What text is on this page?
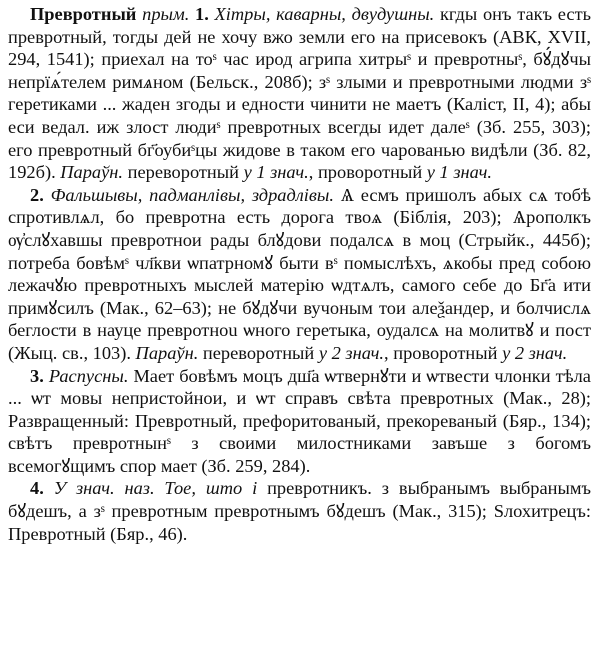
Превротный прым. 1. Хітры, каварны, двудушны. кгды онъ такъ есть превротный, тогды дей не хочу вжо земли его на присевокъ (АВК, XVII, 294, 1541); приехал на тоˢ час ирод агрипа хитрыˢ и превротныˢ, бꙋ́дꙋчы непрїѧ́телем римѧном (Бельск., 208б); зˢ злыми и превротными людми зˢ геретиками ... жаден згоды и едности чинити не маетъ (Каліст, II, 4); абы еси ведал. иж злост людиˢ превротных всегды идет далеˢ (Зб. 255, 303); его превротный бг҃оубиˢцы жидове в таком его чарованью видѣли (Зб. 82, 192б). Параўн. переворотный у 1 знач., проворотный у 1 знач.

2. Фальшывы, падманлівы, здрадлівы. Ѧ есмъ пришолъ абых сѧ тобѣ спротивлѧл, бо превротна есть дорога твоѧ (Біблія, 203); Ѧрополкъ ѹ҆слꙋхавшы превротнои рады блꙋдови подалсѧ в моц (Стрыйк., 445б); потреба бовѣмˢ чл҃кви ѡпатрномꙋ быти вˢ помыслѣхъ, ѧкобы пред собою лежачꙋю превротныхъ мыслей матерію ѡдтѧлъ, самого себе до Бг҃а ити примꙋсилъ (Мак., 62–63); не бꙋдꙋчи вучоным тои алеѯандер, и болчислѧ беглости в науце превротноu ѡного геретыка, оудалсѧ на молитвꙋ и пост (Жыц. св., 103). Параўн. переворотный у 2 знач., проворотный у 2 знач.

3. Распусны. Мает бовѣмъ моцъ дш҃а ѡтвернꙋти и ѡтвести члонки тѣла ... ѡт мовы непристойнои, и ѡт справъ свѣта превротных (Мак., 28); Развращенный: Превротный, префоритованый, прекореваный (Бяр., 134); свѣтъ превротнынˢ з своими милостниками завъше з богомъ всемогꙋщимъ спор мает (Зб. 259, 284).

4. У знач. наз. Тое, што і превротникъ. з выбранымъ выбранымъ бꙋдешъ, а зˢ превротным превротнымъ бꙋдешъ (Мак., 315); Ѕлохитрецъ: Превротный (Бяр., 46).
